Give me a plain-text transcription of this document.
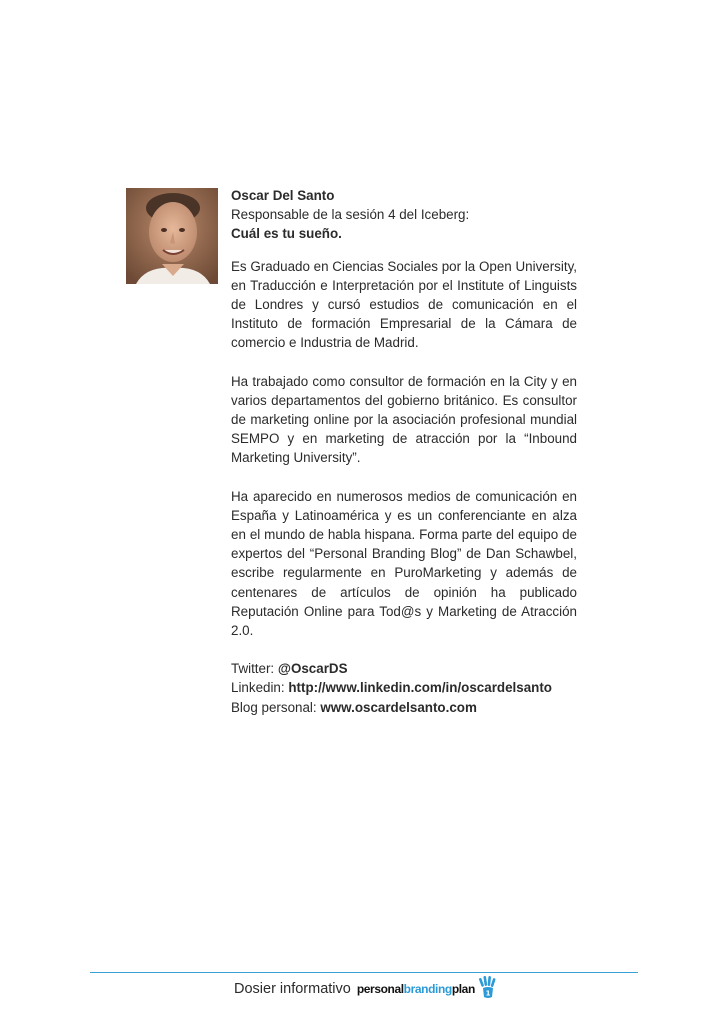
Oscar Del Santo

Responsable de la sesión 4 del Iceberg:

Cuál es tu sueño.

Es Graduado en Ciencias Sociales por la Open University, en Traducción e Interpretación por el Institute of Linguists de Londres y cursó estudios de comunicación en el Instituto de formación Empresarial de la Cámara de comercio e Industria de Madrid.

Ha trabajado como consultor de formación en la City y en varios departamentos del gobierno británico. Es consultor de marketing online por la asociación profesional mundial SEMPO y en marketing de atracción por la “Inbound Marketing University”.

Ha aparecido en numerosos medios de comunicación en España y Latinoamérica y es un conferenciante en alza en el mundo de habla hispana. Forma parte del equipo de expertos del “Personal Branding Blog” de Dan Schawbel, escribe regularmente en PuroMarketing y además de centenares de artículos de opinión ha publicado Reputación Online para Tod@s y Marketing de Atracción 2.0.

Twitter: @OscarDS

Linkedin: http://www.linkedin.com/in/oscardelsanto

Blog personal: www.oscardelsanto.com

Dosier informativo personalbrandingplan 1
